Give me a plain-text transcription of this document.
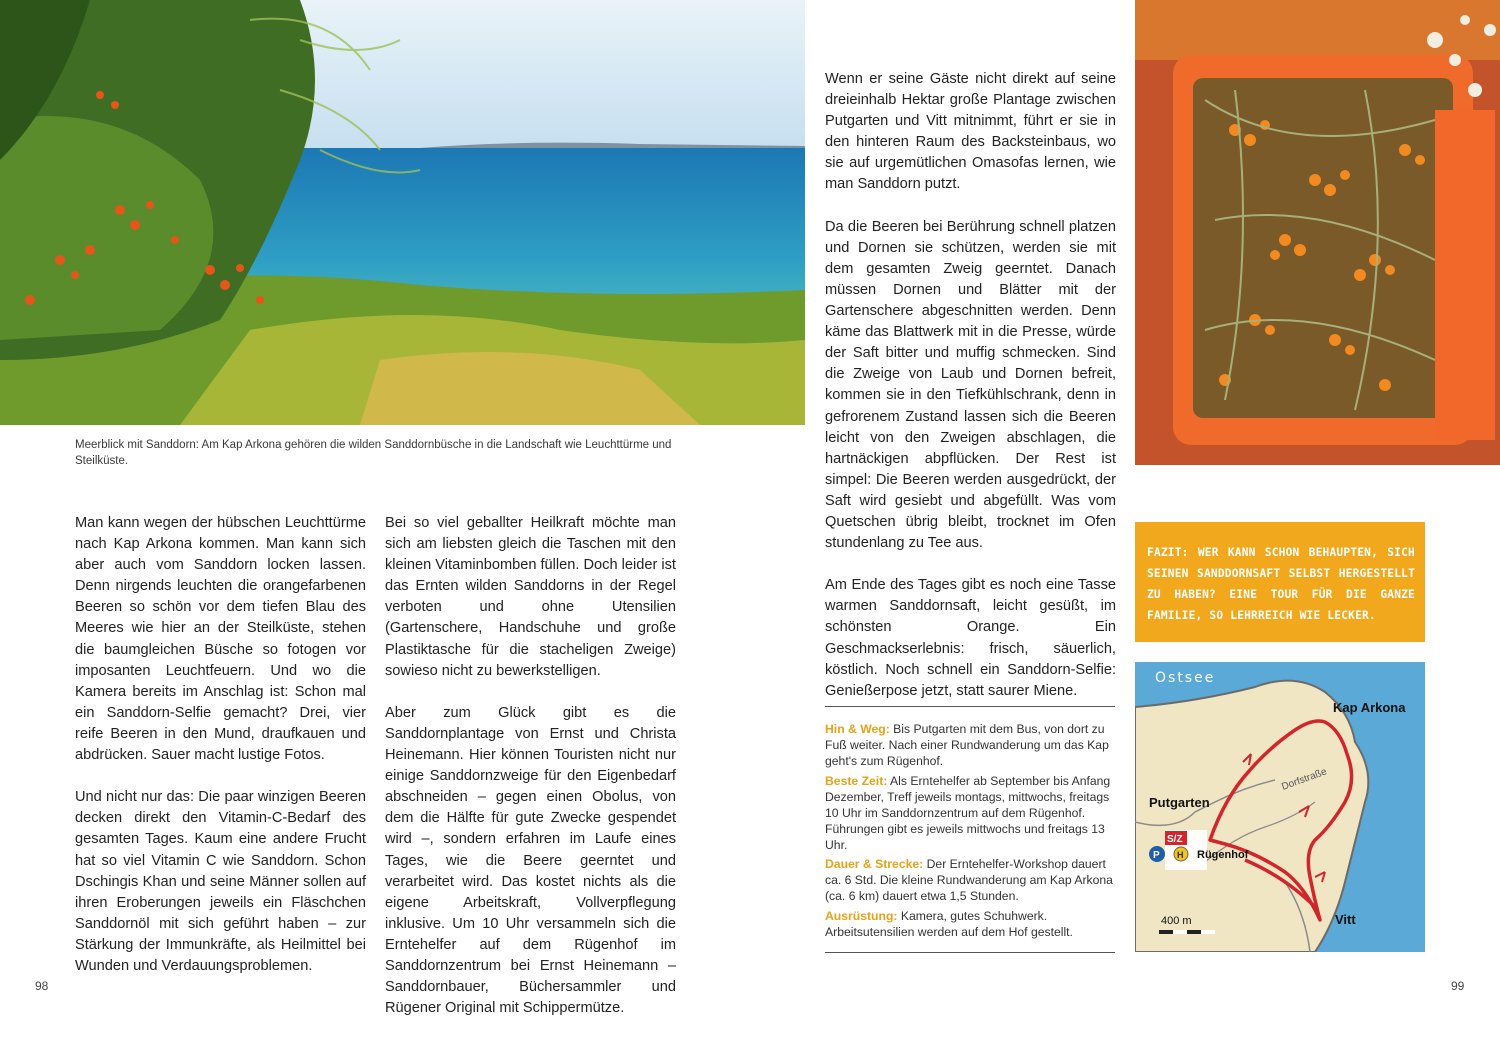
Meerblick mit Sanddorn: Am Kap Arkona gehören die wilden Sanddornbüsche in die Landschaft wie Leuchttürme und Steilküste.

Man kann wegen der hübschen Leuchttürme nach Kap Arkona kommen. Man kann sich aber auch vom Sanddorn locken lassen. Denn nirgends leuchten die orangefarbenen Beeren so schön vor dem tiefen Blau des Meeres wie hier an der Steilküste, stehen die baumgleichen Büsche so fotogen vor imposanten Leuchtfeuern. Und wo die Kamera bereits im Anschlag ist: Schon mal ein Sanddorn-Selfie gemacht? Drei, vier reife Beeren in den Mund, draufkauen und abdrücken. Sauer macht lustige Fotos.

Und nicht nur das: Die paar winzigen Beeren decken direkt den Vitamin-C-Bedarf des gesamten Tages. Kaum eine andere Frucht hat so viel Vitamin C wie Sanddorn. Schon Dschingis Khan und seine Männer sollen auf ihren Eroberungen jeweils ein Fläschchen Sanddornöl mit sich geführt haben – zur Stärkung der Immunkräfte, als Heilmittel bei Wunden und Verdauungsproblemen.

Bei so viel geballter Heilkraft möchte man sich am liebsten gleich die Taschen mit den kleinen Vitaminbomben füllen. Doch leider ist das Ernten wilden Sanddorns in der Regel verboten und ohne Utensilien (Gartenschere, Handschuhe und große Plastiktasche für die stacheligen Zweige) sowieso nicht zu bewerkstelligen.

Aber zum Glück gibt es die Sanddornplantage von Ernst und Christa Heinemann. Hier können Touristen nicht nur einige Sanddornzweige für den Eigenbedarf abschneiden – gegen einen Obolus, von dem die Hälfte für gute Zwecke gespendet wird –, sondern erfahren im Laufe eines Tages, wie die Beere geerntet und verarbeitet wird. Das kostet nichts als die eigene Arbeitskraft, Vollverpflegung inklusive. Um 10 Uhr versammeln sich die Erntehelfer auf dem Rügenhof im Sanddornzentrum bei Ernst Heinemann – Sanddornbauer, Büchersammler und Rügener Original mit Schippermütze.

Wenn er seine Gäste nicht direkt auf seine dreieinhalb Hektar große Plantage zwischen Putgarten und Vitt mitnimmt, führt er sie in den hinteren Raum des Backsteinbaus, wo sie auf urgemütlichen Omasofas lernen, wie man Sanddorn putzt.

Da die Beeren bei Berührung schnell platzen und Dornen sie schützen, werden sie mit dem gesamten Zweig geerntet. Danach müssen Dornen und Blätter mit der Gartenschere abgeschnitten werden. Denn käme das Blattwerk mit in die Presse, würde der Saft bitter und muffig schmecken. Sind die Zweige von Laub und Dornen befreit, kommen sie in den Tiefkühlschrank, denn in gefrorenem Zustand lassen sich die Beeren leicht von den Zweigen abschlagen, die hartnäckigen abpflücken. Der Rest ist simpel: Die Beeren werden ausgedrückt, der Saft wird gesiebt und abgefüllt. Was vom Quetschen übrig bleibt, trocknet im Ofen stundenlang zu Tee aus.

Am Ende des Tages gibt es noch eine Tasse warmen Sanddornsaft, leicht gesüßt, im schönsten Orange. Ein Geschmackserlebnis: frisch, säuerlich, köstlich. Noch schnell ein Sanddorn-Selfie: Genießerpose jetzt, statt saurer Miene.

Hin & Weg: Bis Putgarten mit dem Bus, von dort zu Fuß weiter. Nach einer Rundwanderung um das Kap geht's zum Rügenhof.

Beste Zeit: Als Erntehelfer ab September bis Anfang Dezember, Treff jeweils montags, mittwochs, freitags 10 Uhr im Sanddornzentrum auf dem Rügenhof. Führungen gibt es jeweils mittwochs und freitags 13 Uhr.

Dauer & Strecke: Der Erntehelfer-Workshop dauert ca. 6 Std. Die kleine Rundwanderung am Kap Arkona (ca. 6 km) dauert etwa 1,5 Stunden.

Ausrüstung: Kamera, gutes Schuhwerk. Arbeitsutensilien werden auf dem Hof gestellt.

FAZIT: WER KANN SCHON BEHAUPTEN, SICH SEINEN SANDDORNSAFT SELBST HERGESTELLT ZU HABEN? EINE TOUR FÜR DIE GANZE FAMILIE, SO LEHRREICH WIE LECKER.
Ostsee
Kap Arkona
Putgarten
Rügenhof
Vitt
Dorfstraße
S/Z
P H
400 m
98	99
